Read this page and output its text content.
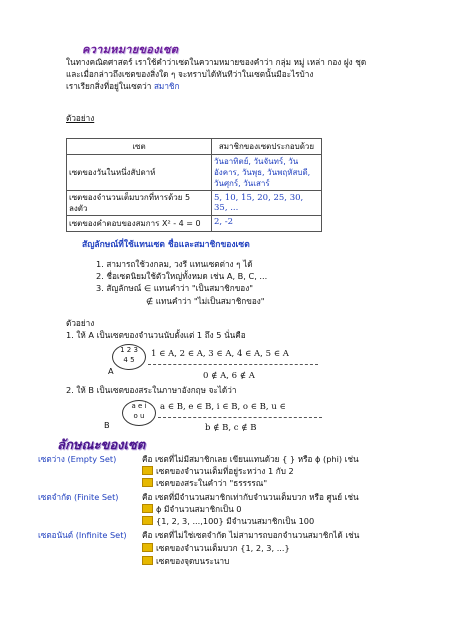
ความหมายของเซต
ในทางคณิตศาสตร์ เราใช้คำว่าเซตในความหมายของคำว่า กลุ่ม หมู่ เหล่า กอง ฝูง ชุด
และเมื่อกล่าวถึงเซตของสิ่งใด ๆ จะทราบได้ทันทีว่าในเซตนั้นมีอะไรบ้าง
เราเรียกสิ่งที่อยู่ในเซตว่า สมาชิก
ตัวอย่าง
เซต	สมาชิกของเซตประกอบด้วย
เซตของวันในหนึ่งสัปดาห์	วันอาทิตย์, วันจันทร์, วันอังคาร, วันพุธ, วันพฤหัสบดี, วันศุกร์, วันเสาร์
เซตของจำนวนเต็มบวกที่หารด้วย 5 ลงตัว	5, 10, 15, 20, 25, 30, 35, ...
เซตของคำตอบของสมการ X² - 4 = 0	2, -2
สัญลักษณ์ที่ใช้แทนเซต ชื่อและสมาชิกของเซต
1. สามารถใช้วงกลม, วงรี แทนเซตต่าง ๆ ได้
2. ชื่อเซตนิยมใช้ตัวใหญ่ทั้งหมด เช่น A, B, C, ...
3. สัญลักษณ์ ∈ แทนคำว่า "เป็นสมาชิกของ"
∉ แทนคำว่า "ไม่เป็นสมาชิกของ"
ตัวอย่าง
1. ให้ A เป็นเซตของจำนวนนับตั้งแต่ 1 ถึง 5 นั่นคือ
1 2 3
4 5
A
1 ∈ A, 2 ∈ A, 3 ∈ A, 4 ∈ A, 5 ∈ A
0 ∉ A, 6 ∉ A
2. ให้ B เป็นเซตของสระในภาษาอังกฤษ จะได้ว่า
a e i
o u
B
a ∈ B, e ∈ B, i ∈ B, o ∈ B, u ∈
b ∉ B, c ∉ B
ลักษณะของเซต
เซตว่าง (Empty Set)	คือ เซตที่ไม่มีสมาชิกเลย เขียนแทนด้วย { } หรือ ϕ (phi) เช่น
เซตของจำนวนเต็มที่อยู่ระหว่าง 1 กับ 2
เซตของสระในคำว่า "ธรรรรณ"
เซตจำกัด (Finite Set)	คือ เซตที่มีจำนวนสมาชิกเท่ากับจำนวนเต็มบวก หรือ ศูนย์ เช่น
ϕ มีจำนวนสมาชิกเป็น 0
{1, 2, 3, ...,100} มีจำนวนสมาชิกเป็น 100
เซตอนันต์ (Infinite Set) คือ เซตที่ไม่ใช่เซตจำกัด ไม่สามารถบอกจำนวนสมาชิกได้ เช่น
เซตของจำนวนเต็มบวก {1, 2, 3, ...}
เซตของจุดบนระนาบ
